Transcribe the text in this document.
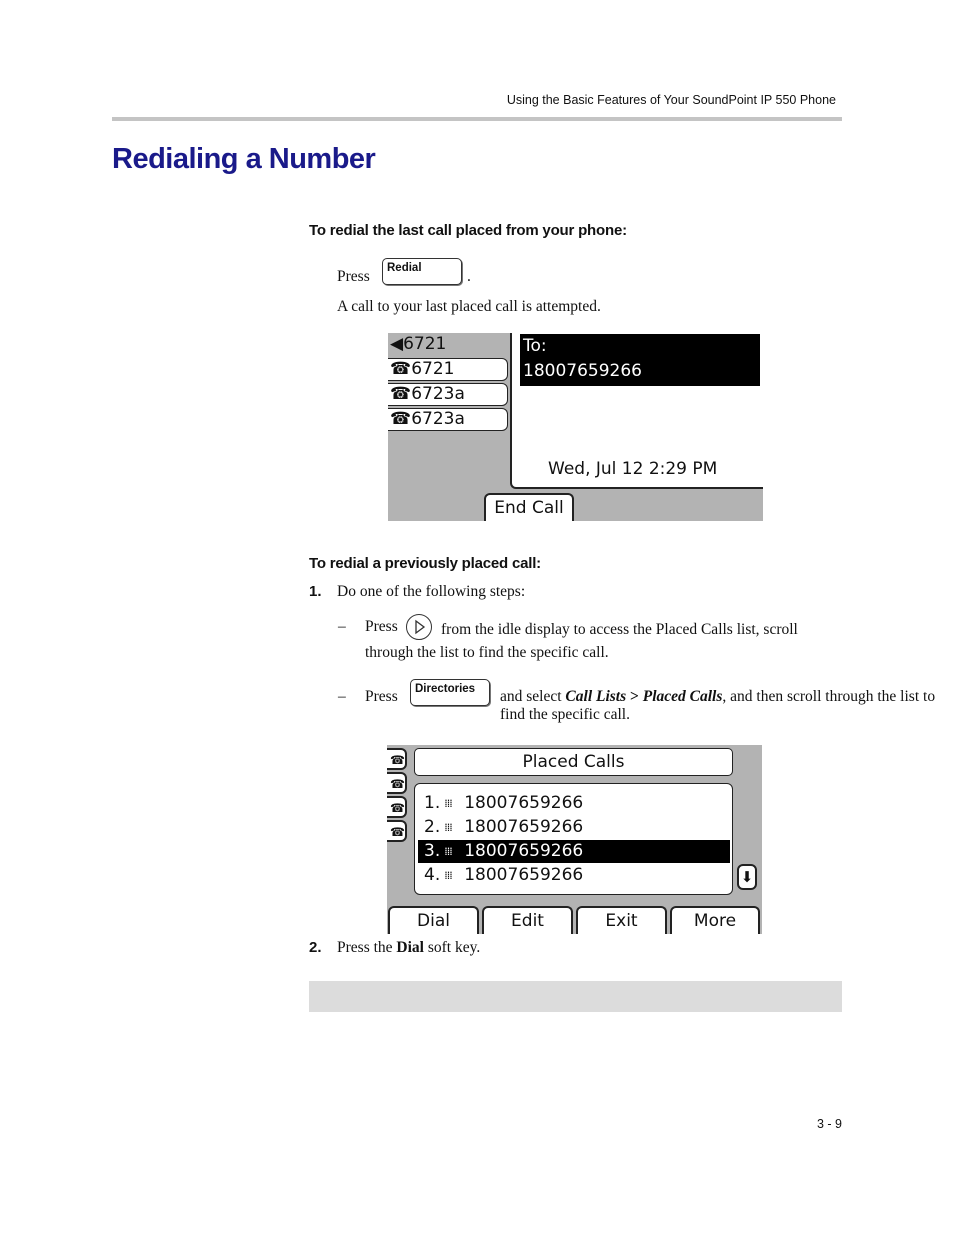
Using the Basic Features of Your SoundPoint IP 550 Phone
Redialing a Number
To redial the last call placed from your phone:
Press	Redial	.
A call to your last placed call is attempted.
◀6721
☎6721
☎6723a
☎6723a
To:
18007659266
Wed, Jul 12 2:29 PM
End Call
To redial a previously placed call:
1. Do one of the following steps:
– Press	from the idle display to access the Placed Calls list, scroll through the list to find the specific call.
– Press	Directories	and select Call Lists > Placed Calls, and then scroll through the list to find the specific call.
☎
☎
☎
☎
Placed Calls
1. ⁞⁞⁞ 18007659266
2. ⁞⁞⁞ 18007659266
3. ⁞⁞⁞ 18007659266
4. ⁞⁞⁞ 18007659266	⬇
Dial	Edit	Exit	More
2. Press the Dial soft key.
3 - 9
